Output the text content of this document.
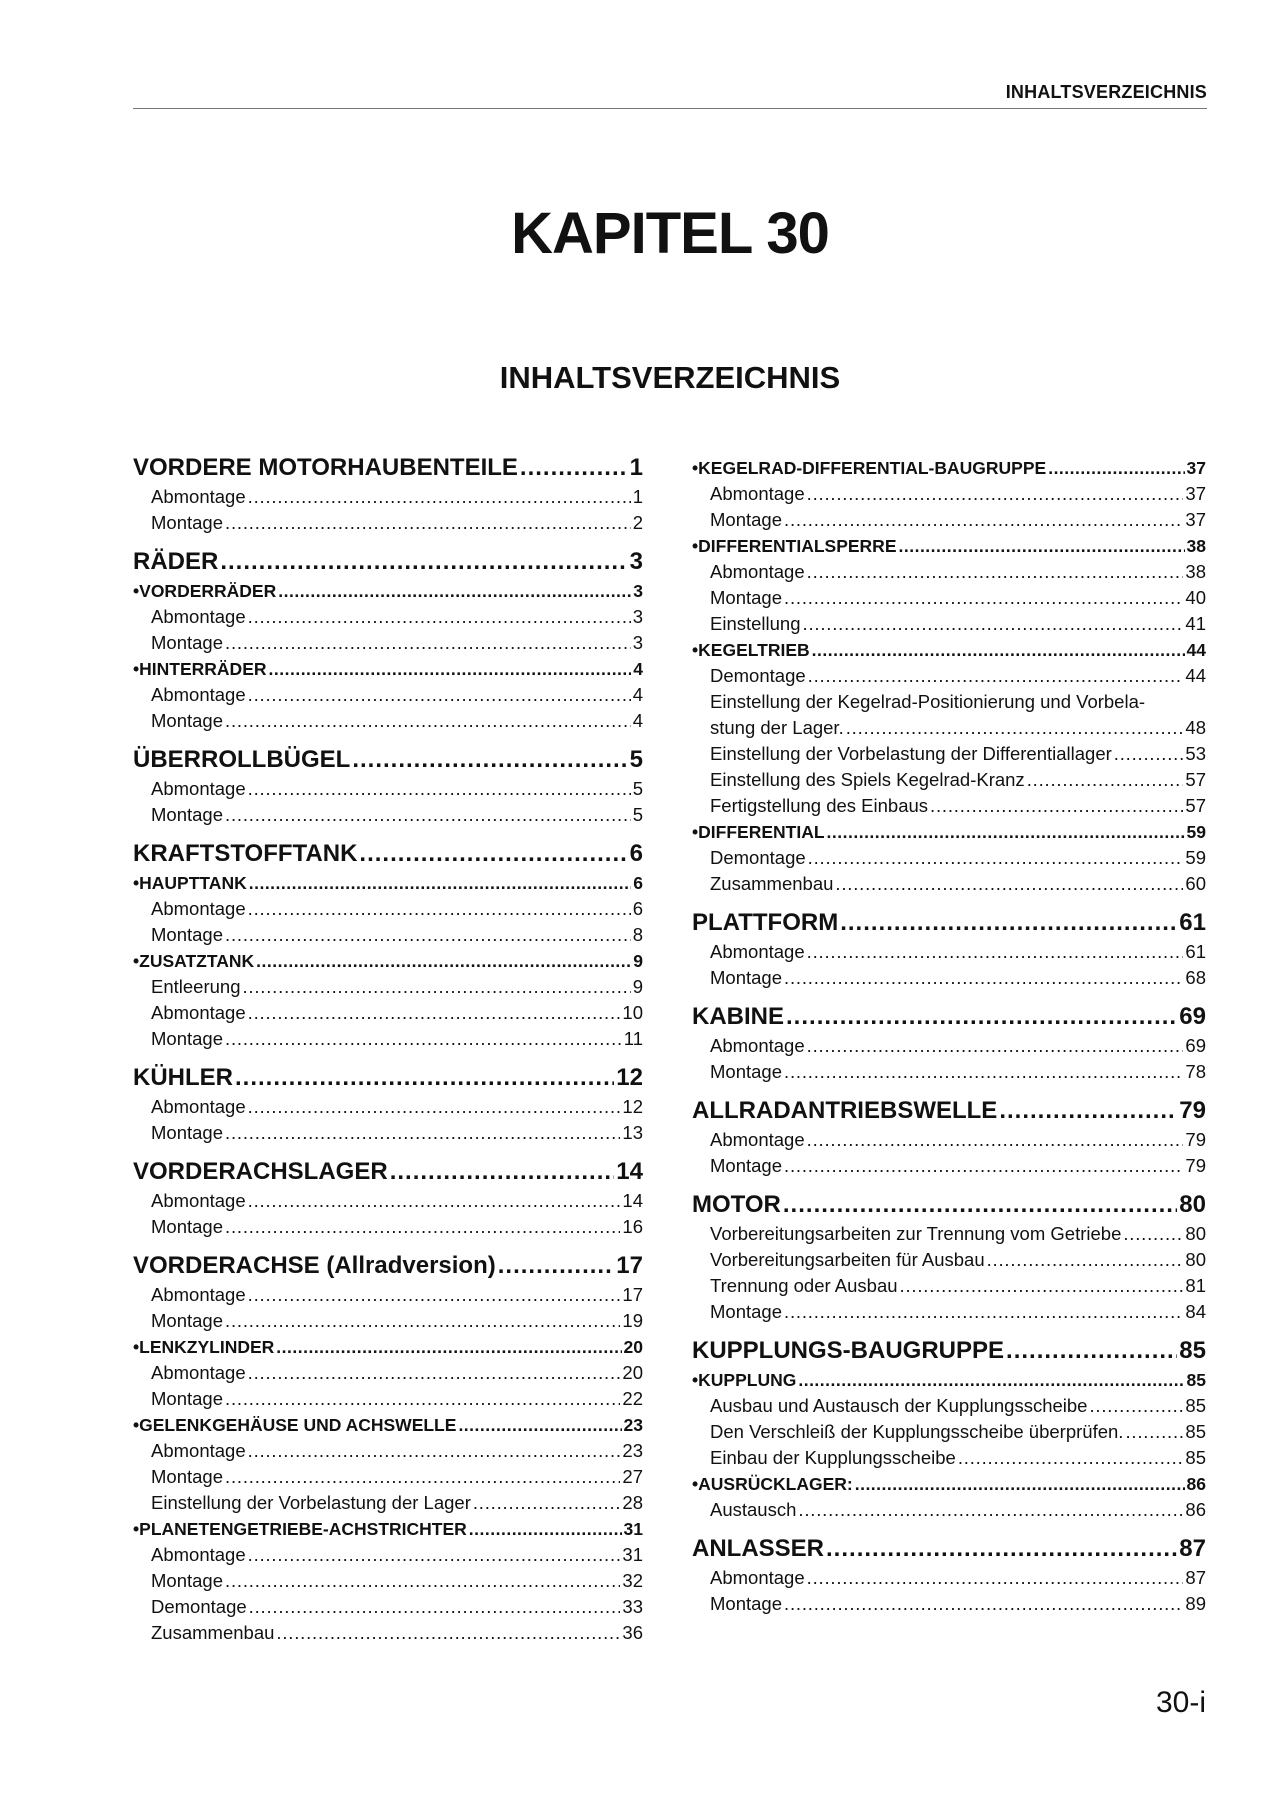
INHALTSVERZEICHNIS
KAPITEL 30
INHALTSVERZEICHNIS
VORDERE MOTORHAUBENTEILE .....	1
Abmontage .....	1
Montage .....	2
RÄDER .....	3
• VORDERRÄDER .....	3
Abmontage .....	3
Montage .....	3
• HINTERRÄDER .....	4
Abmontage .....	4
Montage .....	4
ÜBERROLLBÜGEL .....	5
Abmontage .....	5
Montage .....	5
KRAFTSTOFFTANK .....	6
• HAUPTTANK .....	6
Abmontage .....	6
Montage .....	8
• ZUSATZTANK .....	9
Entleerung .....	9
Abmontage .....	10
Montage .....	11
KÜHLER .....	12
Abmontage .....	12
Montage .....	13
VORDERACHSLAGER .....	14
Abmontage .....	14
Montage .....	16
VORDERACHSE (Allradversion) .....	17
Abmontage .....	17
Montage .....	19
• LENKZYLINDER .....	20
Abmontage .....	20
Montage .....	22
• GELENKGEHÄUSE UND ACHSWELLE .....	23
Abmontage .....	23
Montage .....	27
Einstellung der Vorbelastung der Lager .....	28
• PLANETENGETRIEBE-ACHSTRICHTER .....	31
Abmontage .....	31
Montage .....	32
Demontage .....	33
Zusammenbau .....	36
• KEGELRAD-DIFFERENTIAL-BAUGRUPPE .....	37
Abmontage .....	37
Montage .....	37
• DIFFERENTIALSPERRE .....	38
Abmontage .....	38
Montage .....	40
Einstellung .....	41
• KEGELTRIEB .....	44
Demontage .....	44
Einstellung der Kegelrad-Positionierung und Vorbela-
stung der Lager. .....	48
Einstellung der Vorbelastung der Differentiallager .....	53
Einstellung des Spiels Kegelrad-Kranz .....	57
Fertigstellung des Einbaus .....	57
• DIFFERENTIAL .....	59
Demontage .....	59
Zusammenbau .....	60
PLATTFORM .....	61
Abmontage .....	61
Montage .....	68
KABINE .....	69
Abmontage .....	69
Montage .....	78
ALLRADANTRIEBSWELLE .....	79
Abmontage .....	79
Montage .....	79
MOTOR .....	80
Vorbereitungsarbeiten zur Trennung vom Getriebe .....	80
Vorbereitungsarbeiten für Ausbau .....	80
Trennung oder Ausbau .....	81
Montage .....	84
KUPPLUNGS-BAUGRUPPE .....	85
• KUPPLUNG .....	85
Ausbau und Austausch der Kupplungsscheibe .....	85
Den Verschleiß der Kupplungsscheibe überprüfen. .....	85
Einbau der Kupplungsscheibe .....	85
• AUSRÜCKLAGER: .....	86
Austausch .....	86
ANLASSER .....	87
Abmontage .....	87
Montage .....	89
30-i
